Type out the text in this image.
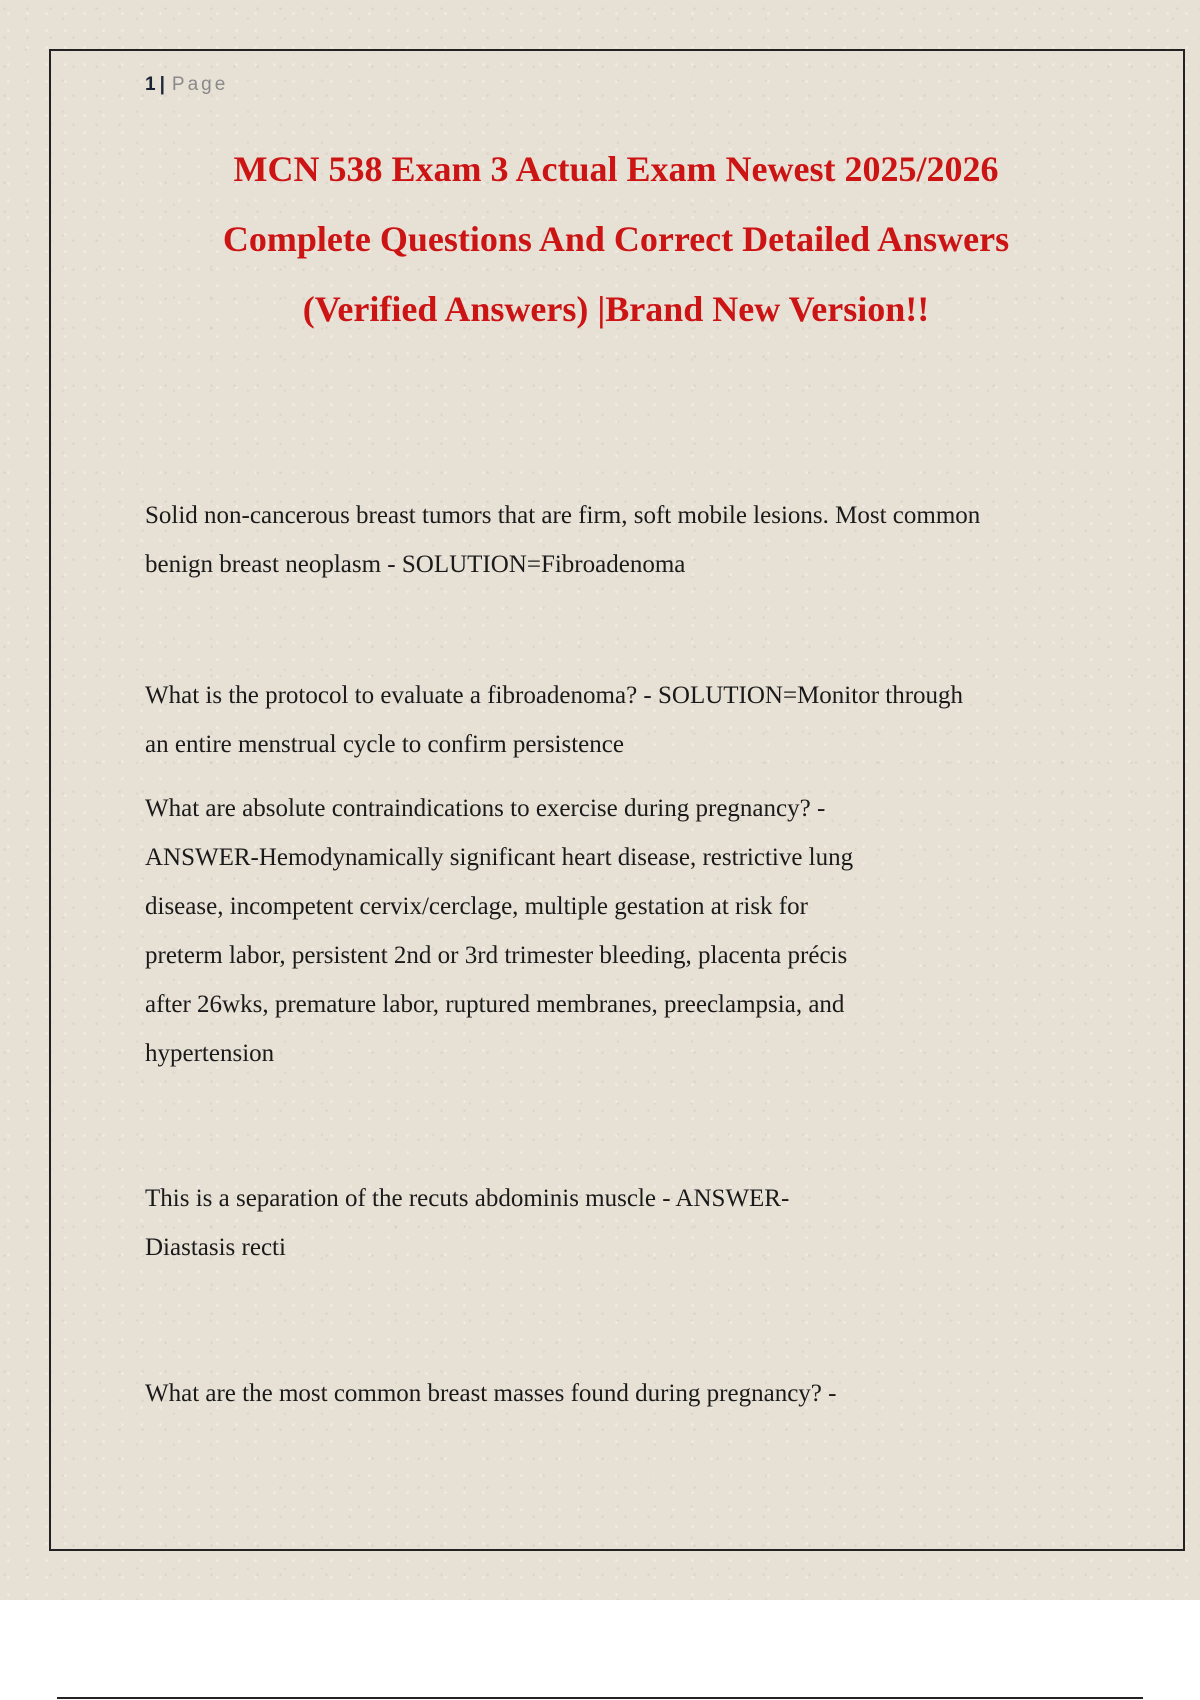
1 | Page
MCN 538 Exam 3 Actual Exam Newest 2025/2026
Complete Questions And Correct Detailed Answers
(Verified Answers) |Brand New Version!!
Solid non-cancerous breast tumors that are firm, soft mobile lesions. Most common
benign breast neoplasm - SOLUTION=Fibroadenoma
What is the protocol to evaluate a fibroadenoma? - SOLUTION=Monitor through
an entire menstrual cycle to confirm persistence
What are absolute contraindications to exercise during pregnancy? -
ANSWER-Hemodynamically significant heart disease, restrictive lung
disease, incompetent cervix/cerclage, multiple gestation at risk for
preterm labor, persistent 2nd or 3rd trimester bleeding, placenta précis
after 26wks, premature labor, ruptured membranes, preeclampsia, and
hypertension
This is a separation of the recuts abdominis muscle - ANSWER-
Diastasis recti
What are the most common breast masses found during pregnancy? -
